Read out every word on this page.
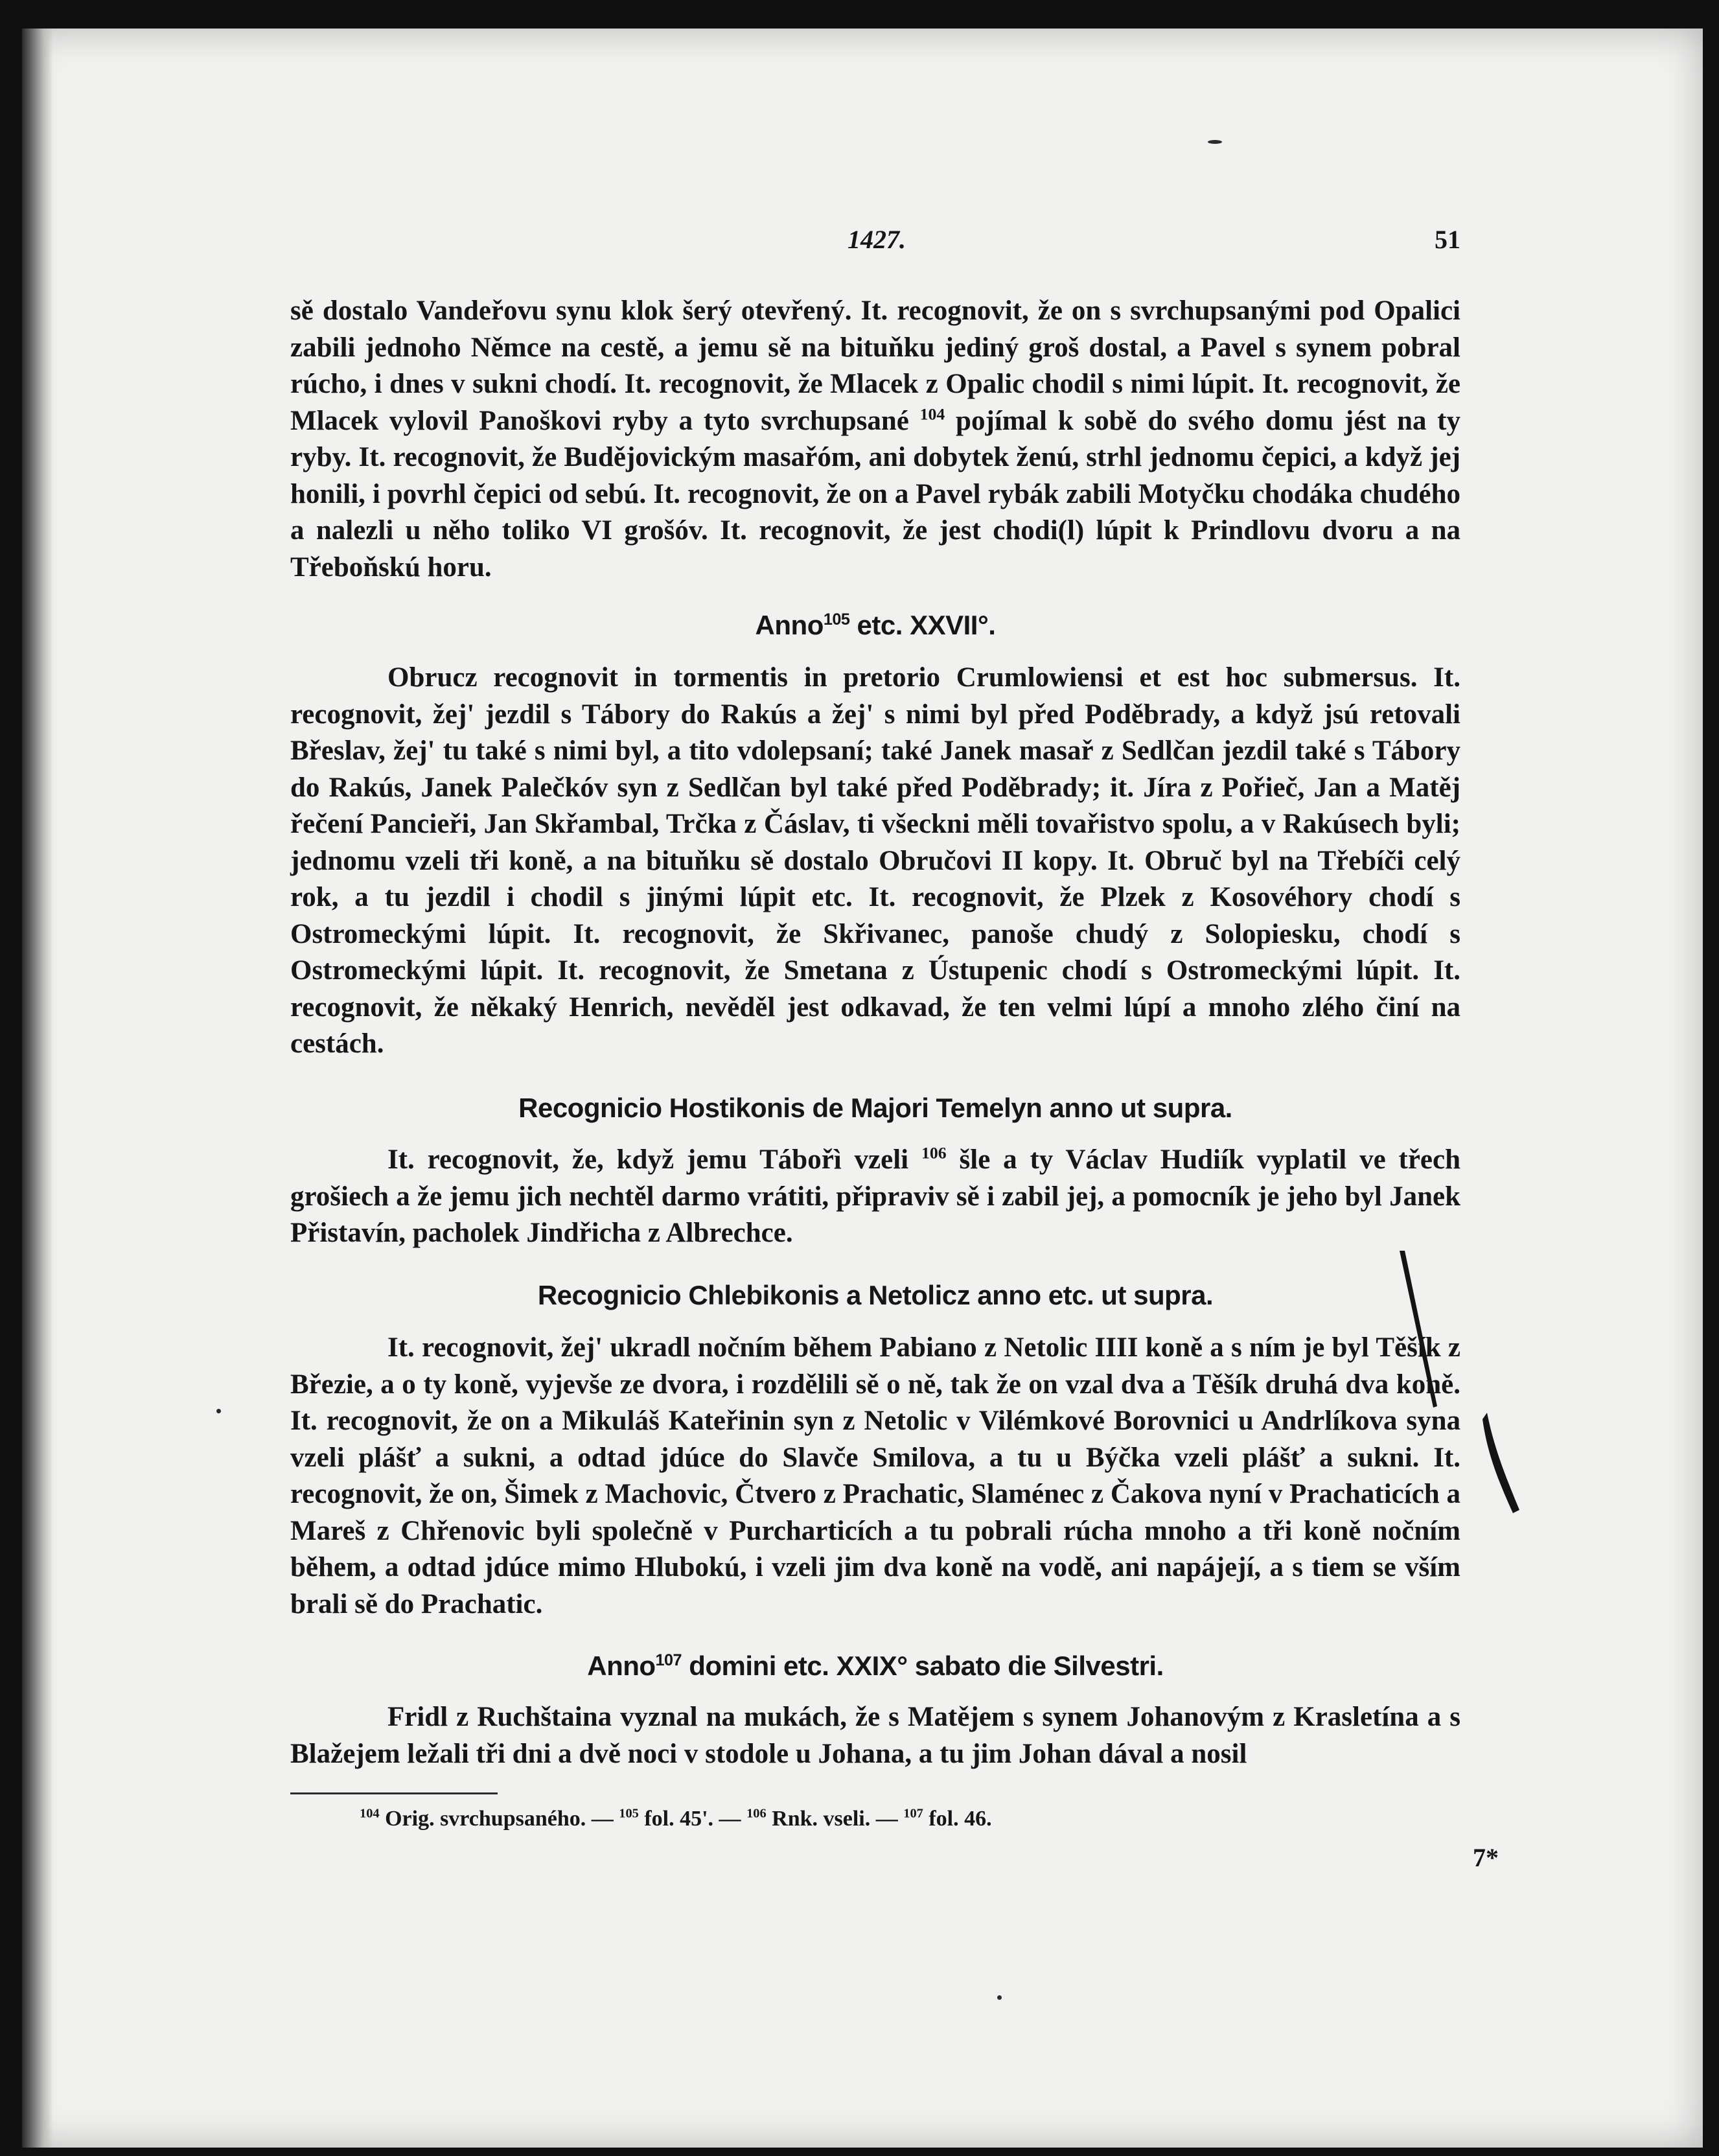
1427.	51

sě dostalo Vandeřovu synu klok šerý otevřený. It. recognovit, že on s svrchupsanými pod Opalici zabili jednoho Němce na cestě, a jemu sě na bituňku jediný groš dostal, a Pavel s synem pobral rúcho, i dnes v sukni chodí. It. recognovit, že Mlacek z Opalic chodil s nimi lúpit. It. recognovit, že Mlacek vylovil Panoškovi ryby a tyto svrchupsané $^{104}$ pojímal k sobě do svého domu jést na ty ryby. It. recognovit, že Budějovickým masařóm, ani dobytek ženú, strhl jednomu čepici, a když jej honili, i povrhl čepici od sebú. It. recognovit, že on a Pavel rybák zabili Motyčku chodáka chudého a nalezli u něho toliko VI grošóv. It. recognovit, že jest chodi(l) lúpit k Prindlovu dvoru a na Třeboňskú horu.

Anno$^{105}$ etc. XXVII°.

Obrucz recognovit in tormentis in pretorio Crumlowiensi et est hoc submersus. It. recognovit, žej' jezdil s Tábory do Rakús a žej' s nimi byl před Poděbrady, a když jsú retovali Břeslav, žej' tu také s nimi byl, a tito vdolepsaní; také Janek masař z Sedlčan jezdil také s Tábory do Rakús, Janek Palečkóv syn z Sedlčan byl také před Poděbrady; it. Jíra z Pořieč, Jan a Matěj řečení Pancieři, Jan Skřambal, Trčka z Čáslav, ti všeckni měli tovařistvo spolu, a v Rakúsech byli; jednomu vzeli tři koně, a na bituňku sě dostalo Obručovi II kopy. It. Obruč byl na Třebíči celý rok, a tu jezdil i chodil s jinými lúpit etc. It. recognovit, že Plzek z Kosovéhory chodí s Ostromeckými lúpit. It. recognovit, že Skřivanec, panoše chudý z Solopiesku, chodí s Ostromeckými lúpit. It. recognovit, že Smetana z Ústupenic chodí s Ostromeckými lúpit. It. recognovit, že někaký Henrich, nevěděl jest odkavad, že ten velmi lúpí a mnoho zlého činí na cestách.

Recognicio Hostikonis de Majori Temelyn anno ut supra.

It. recognovit, že, když jemu Tábořì vzeli $^{106}$ šle a ty Václav Hudiík vyplatil ve třech grošiech a že jemu jich nechtěl darmo vrátiti, připraviv sě i zabil jej, a pomocník je jeho byl Janek Přistavín, pacholek Jindřicha z Albrechce.

Recognicio Chlebikonis a Netolicz anno etc. ut supra.

It. recognovit, žej' ukradl nočním během Pabiano z Netolic IIII koně a s ním je byl Těšík z Březie, a o ty koně, vyjevše ze dvora, i rozdělili sě o ně, tak že on vzal dva a Těšík druhá dva koně. It. recognovit, že on a Mikuláš Kateřinin syn z Netolic v Vilémkové Borovnici u Andrlíkova syna vzeli plášť a sukni, a odtad jdúce do Slavče Smilova, a tu u Býčka vzeli plášť a sukni. It. recognovit, že on, Šimek z Machovic, Čtvero z Prachatic, Slaménec z Čakova nyní v Prachaticích a Mareš z Chřenovic byli společně v Purcharticích a tu pobrali rúcha mnoho a tři koně nočním během, a odtad jdúce mimo Hlubokú, i vzeli jim dva koně na vodě, ani napájejí, a s tiem se vším brali sě do Prachatic.

Anno$^{107}$ domini etc. XXIX° sabato die Silvestri.

Fridl z Ruchštaina vyznal na mukách, že s Matějem s synem Johanovým z Krasletína a s Blažejem ležali tři dni a dvě noci v stodole u Johana, a tu jim Johan dával a nosil

$^{104}$ Orig. svrchupsaného. — $^{105}$ fol. 45'. — $^{106}$ Rnk. vseli. — $^{107}$ fol. 46.
7*
